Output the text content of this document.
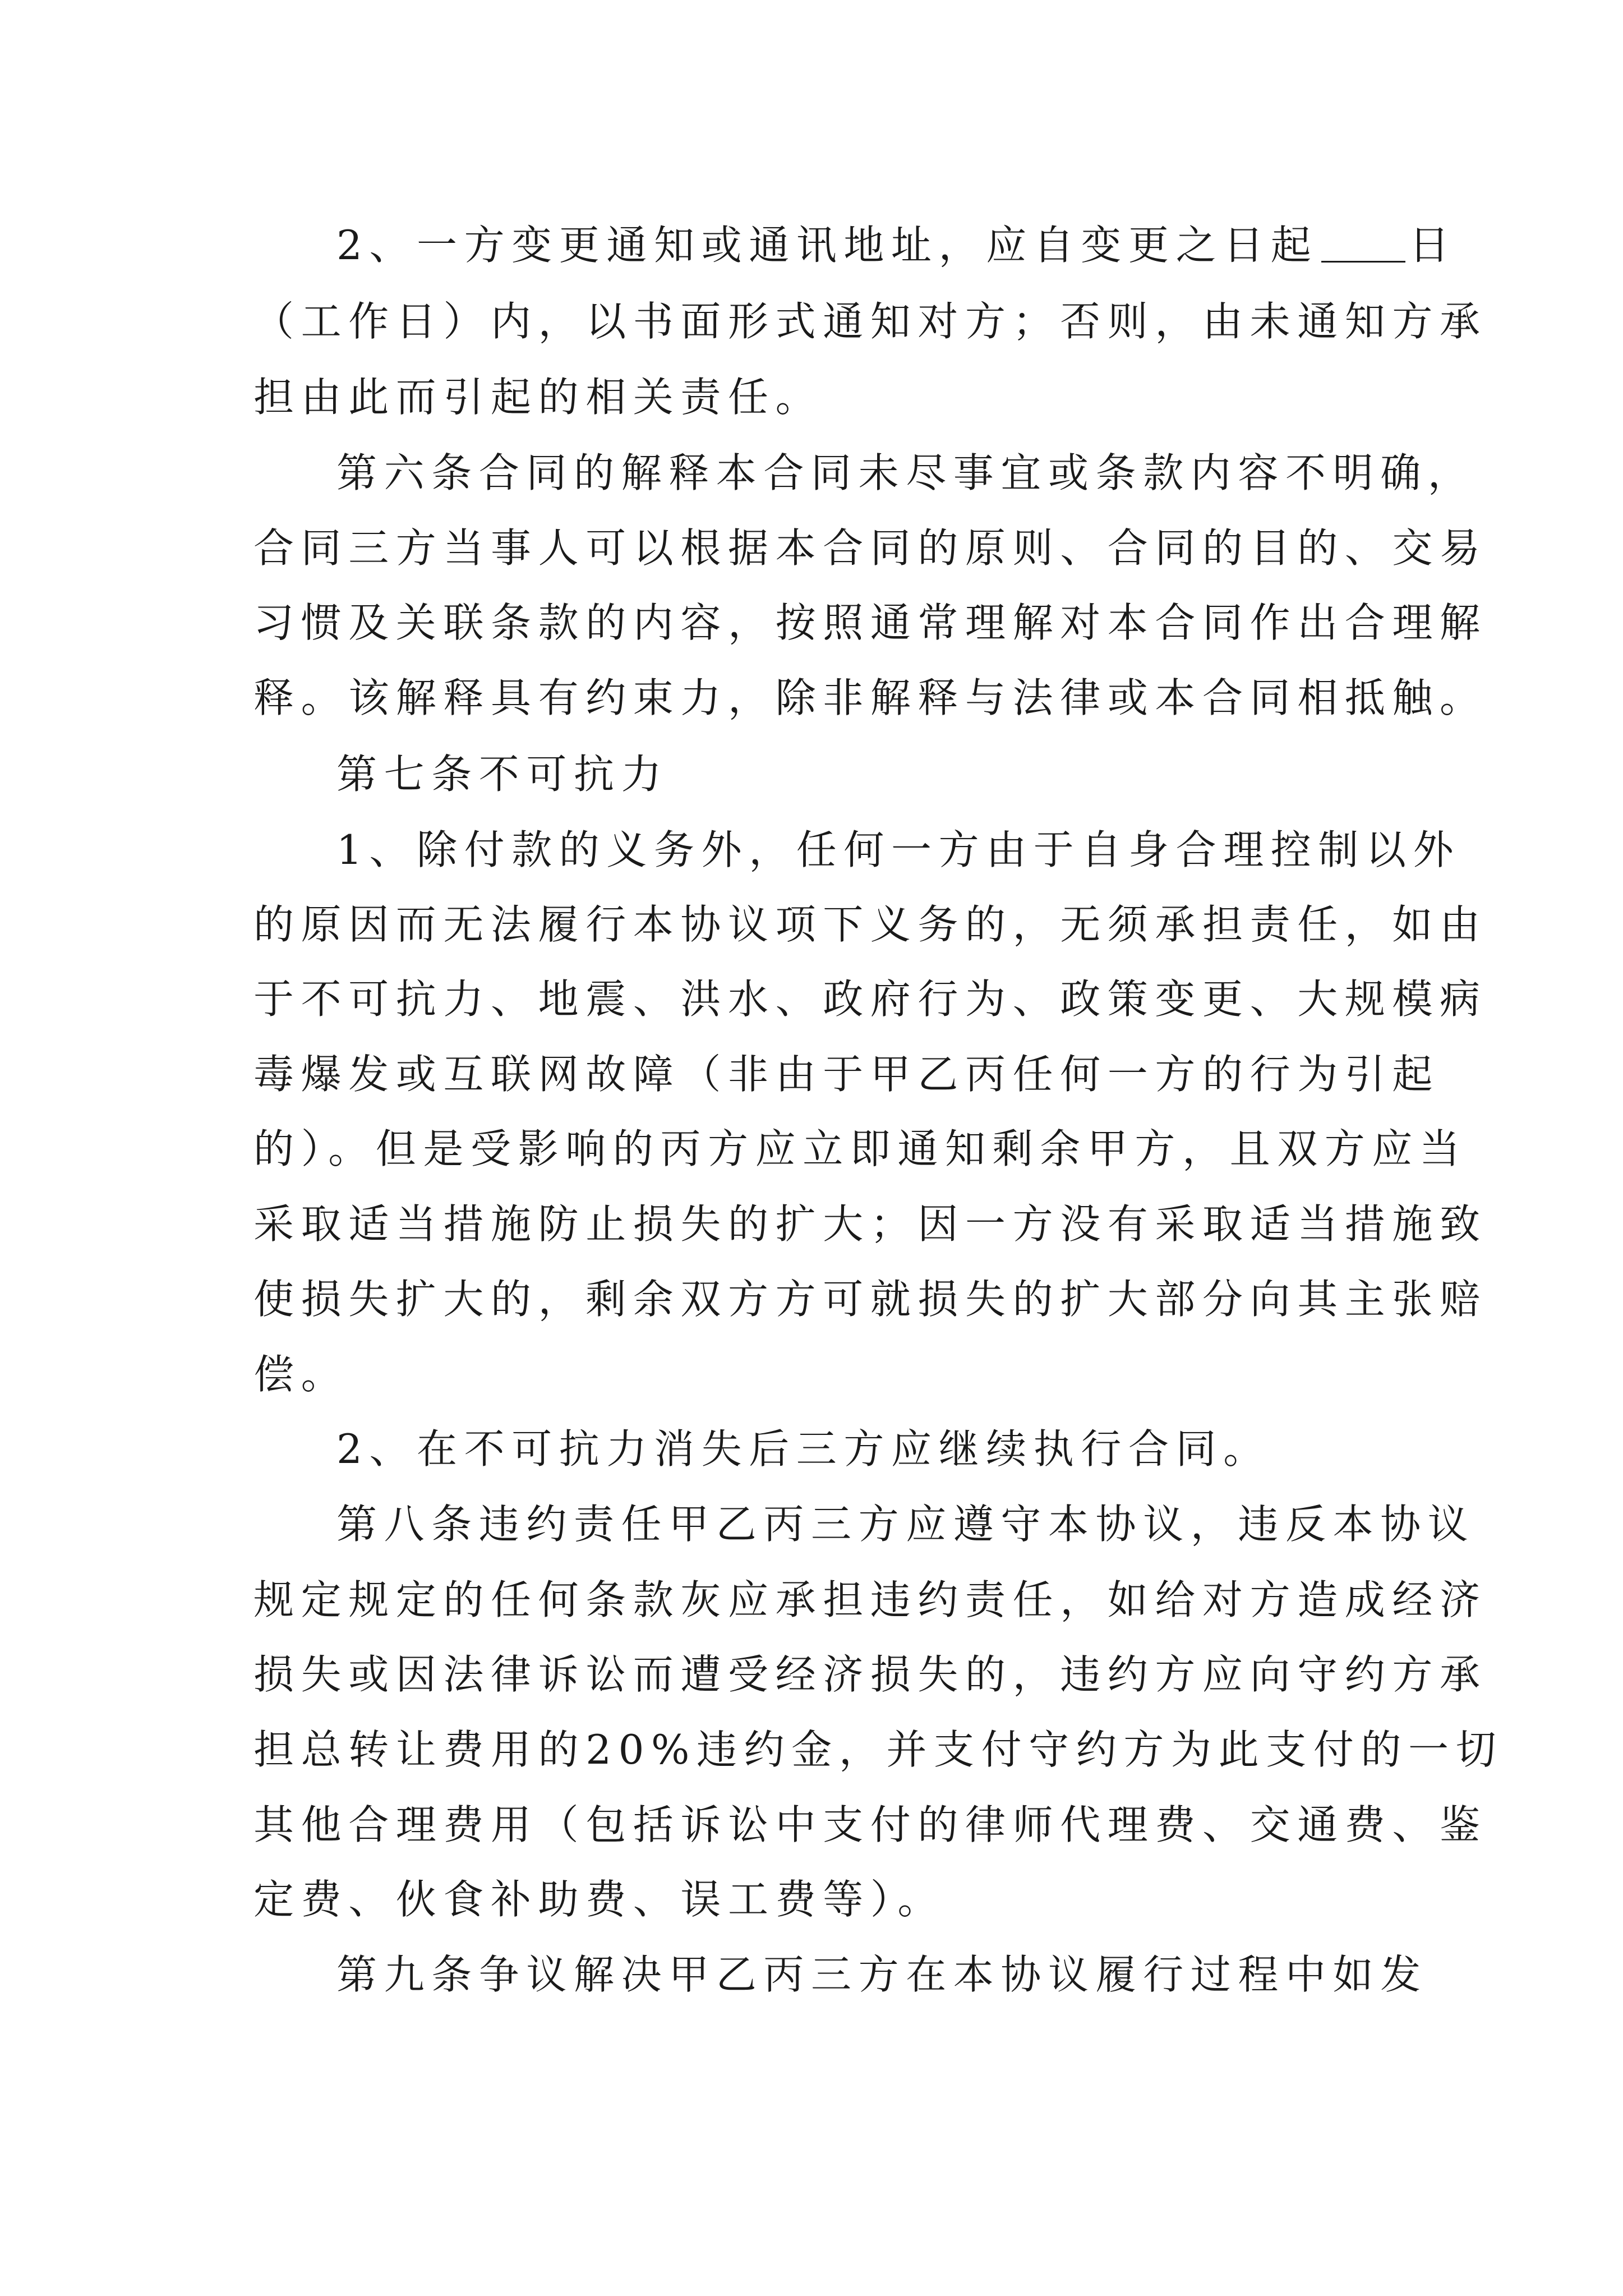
2、一方变更通知或通讯地址，应自变更之日起 日
（工作日）内，以书面形式通知对方；否则，由未通知方承
担由此而引起的相关责任。
第六条合同的解释本合同未尽事宜或条款内容不明确，
合同三方当事人可以根据本合同的原则、合同的目的、交易
习惯及关联条款的内容，按照通常理解对本合同作出合理解
释。该解释具有约束力，除非解释与法律或本合同相抵触。
第七条不可抗力
1、除付款的义务外，任何一方由于自身合理控制以外
的原因而无法履行本协议项下义务的，无须承担责任，如由
于不可抗力、地震、洪水、政府行为、政策变更、大规模病
毒爆发或互联网故障（非由于甲乙丙任何一方的行为引起
的）。但是受影响的丙方应立即通知剩余甲方，且双方应当
采取适当措施防止损失的扩大；因一方没有采取适当措施致
使损失扩大的，剩余双方方可就损失的扩大部分向其主张赔
偿。
2、在不可抗力消失后三方应继续执行合同。
第八条违约责任甲乙丙三方应遵守本协议，违反本协议
规定规定的任何条款灰应承担违约责任，如给对方造成经济
损失或因法律诉讼而遭受经济损失的，违约方应向守约方承
担总转让费用的20%违约金，并支付守约方为此支付的一切
其他合理费用（包括诉讼中支付的律师代理费、交通费、鉴
定费、伙食补助费、误工费等）。
第九条争议解决甲乙丙三方在本协议履行过程中如发
